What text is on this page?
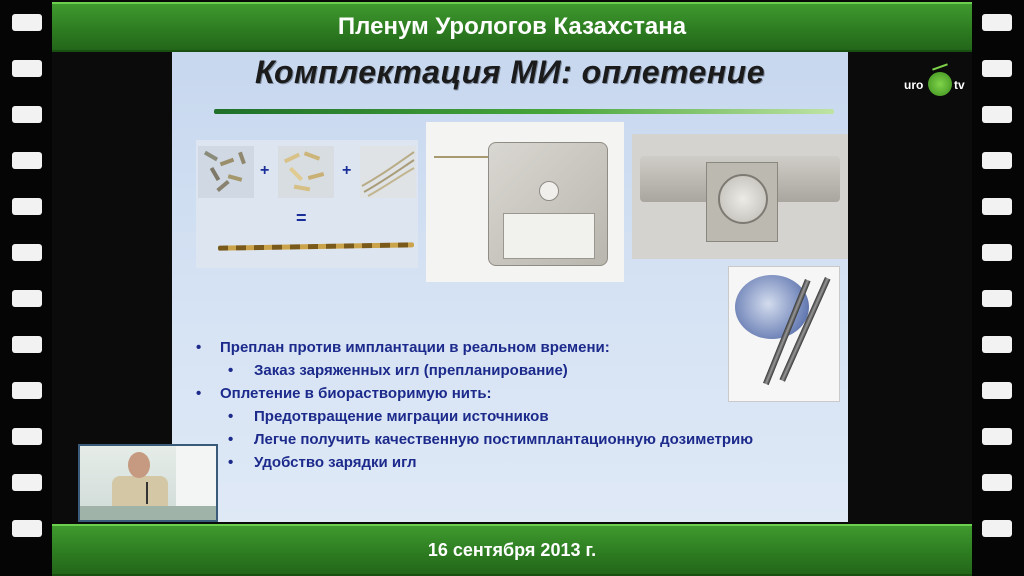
Пленум Урологов Казахстана
Комплектация МИ: оплетение
+	+
=
• Преплан против имплантации в реальном времени:
• Заказ заряженных игл (препланирование)
• Оплетение в биорастворимую нить:
• Предотвращение миграции источников
• Легче получить качественную постимплантационную дозиметрию
• Удобство зарядки игл
uro	tv
16 сентября 2013 г.
